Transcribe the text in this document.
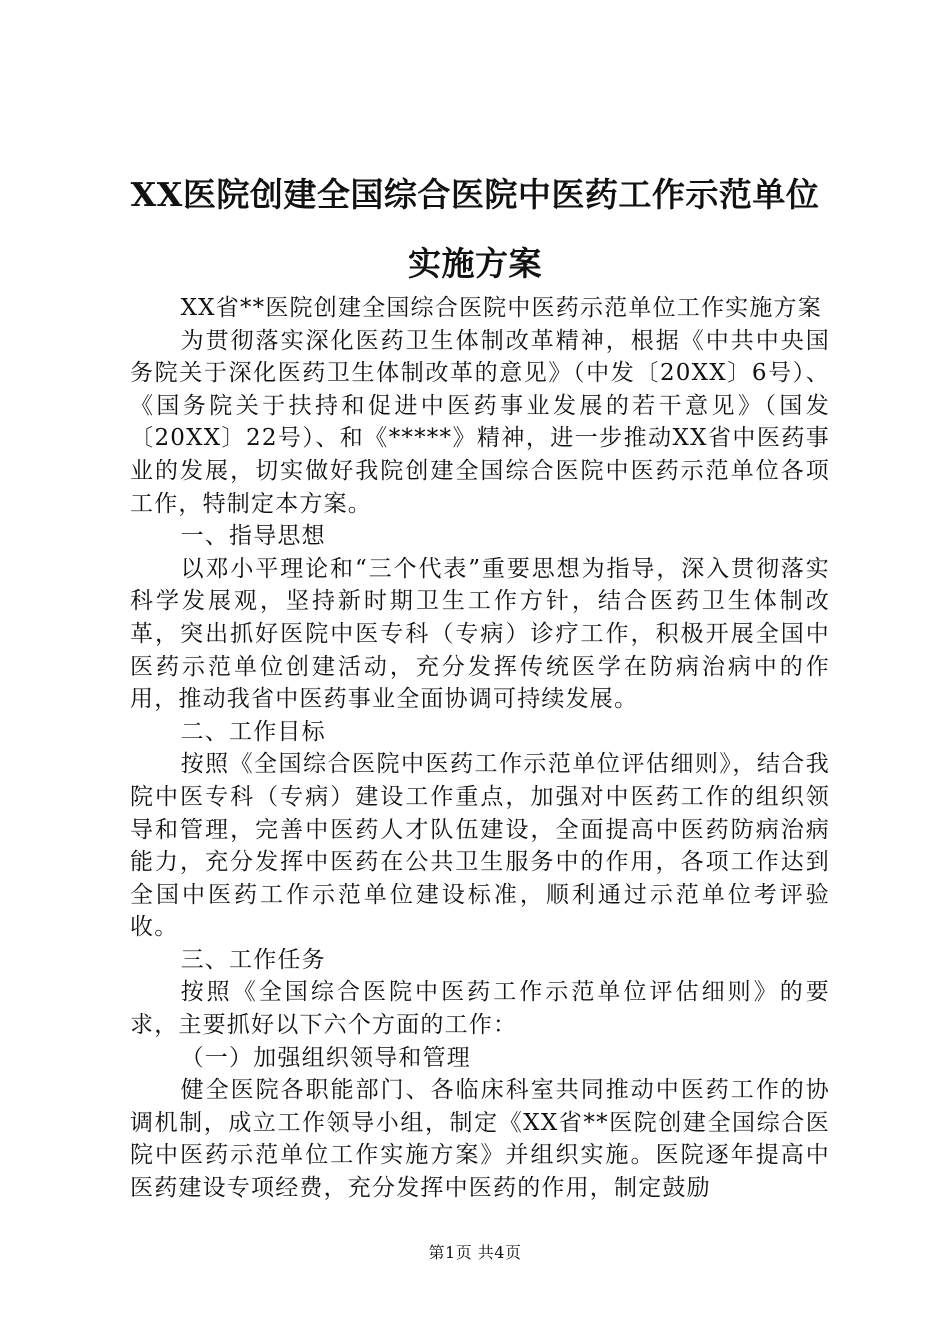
XX医院创建全国综合医院中医药工作示范单位实施方案

XX省**医院创建全国综合医院中医药示范单位工作实施方案

为贯彻落实深化医药卫生体制改革精神，根据《中共中央国务院关于深化医药卫生体制改革的意见》（中发〔20XX〕6号）、《国务院关于扶持和促进中医药事业发展的若干意见》（国发〔20XX〕22号）、和《*****》精神，进一步推动XX省中医药事业的发展，切实做好我院创建全国综合医院中医药示范单位各项工作，特制定本方案。

一、指导思想

以邓小平理论和“三个代表”重要思想为指导，深入贯彻落实科学发展观，坚持新时期卫生工作方针，结合医药卫生体制改革，突出抓好医院中医专科（专病）诊疗工作，积极开展全国中医药示范单位创建活动，充分发挥传统医学在防病治病中的作用，推动我省中医药事业全面协调可持续发展。

二、工作目标

按照《全国综合医院中医药工作示范单位评估细则》，结合我院中医专科（专病）建设工作重点，加强对中医药工作的组织领导和管理，完善中医药人才队伍建设，全面提高中医药防病治病能力，充分发挥中医药在公共卫生服务中的作用，各项工作达到全国中医药工作示范单位建设标准，顺利通过示范单位考评验收。

三、工作任务

按照《全国综合医院中医药工作示范单位评估细则》的要求，主要抓好以下六个方面的工作：

（一）加强组织领导和管理

健全医院各职能部门、各临床科室共同推动中医药工作的协调机制，成立工作领导小组，制定《XX省**医院创建全国综合医院中医药示范单位工作实施方案》并组织实施。医院逐年提高中医药建设专项经费，充分发挥中医药的作用，制定鼓励

第1页 共4页
